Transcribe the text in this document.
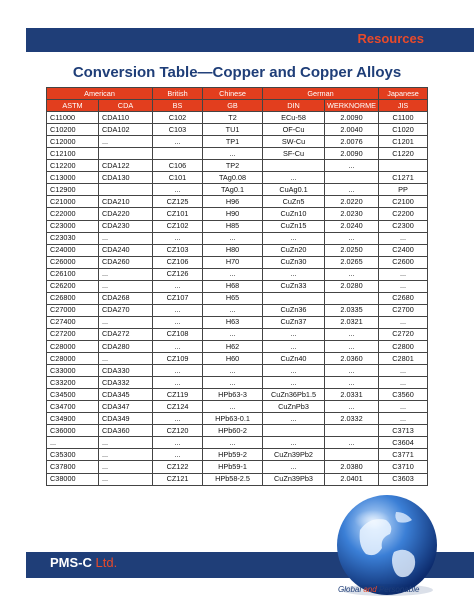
Resources
Conversion Table—Copper and Copper Alloys
American		British	Chinese	German		Japanese
ASTM	CDA	BS	GB	DIN	WERKNORME	JIS
C11000	CDA110	C102	T2	ECu-58	2.0090	C1100
C10200	CDA102	C103	TU1	OF-Cu	2.0040	C1020
C12000	...	...	TP1	SW-Cu	2.0076	C1201
C12100			...	SF-Cu	2.0090	C1220
C12200	CDA122	C106	TP2		...	
C13000	CDA130	C101	TAg0.08	...		C1271
C12900		...	TAg0.1	CuAg0.1	...	PP
C21000	CDA210	CZ125	H96	CuZn5	2.0220	C2100
C22000	CDA220	CZ101	H90	CuZn10	2.0230	C2200
C23000	CDA230	CZ102	H85	CuZn15	2.0240	C2300
C23030	...	...	...	...	...	...
C24000	CDA240	CZ103	H80	CuZn20	2.0250	C2400
C26000	CDA260	CZ106	H70	CuZn30	2.0265	C2600
C26100	...	CZ126	...	...	...	...
C26200	...	...	H68	CuZn33	2.0280	...
C26800	CDA268	CZ107	H65			C2680
C27000	CDA270	...	...	CuZn36	2.0335	C2700
C27400	...	...	H63	CuZn37	2.0321	...
C27200	CDA272	CZ108	...	...	...	C2720
C28000	CDA280	...	H62	...	...	C2800
C28000	...	CZ109	H60	CuZn40	2.0360	C2801
C33000	CDA330	...	...	...	...	...
C33200	CDA332	...	...	...	...	...
C34500	CDA345	CZ119	HPb63-3	CuZn36Pb1.5	2.0331	C3560
C34700	CDA347	CZ124	...	CuZnPb3	...	...
C34900	CDA349	...	HPb63-0.1	...	2.0332	...
C36000	CDA360	CZ120	HPb60-2			C3713
...	...	...	...	...	...	C3604
C35300	...	...	HPb59-2	CuZn39Pb2		C3771
C37800	...	CZ122	HPb59-1	...	2.0380	C3710
C38000	...	CZ121	HPb58-2.5	CuZn39Pb3	2.0401	C3603
PMS-C Ltd.
Global and Personable
